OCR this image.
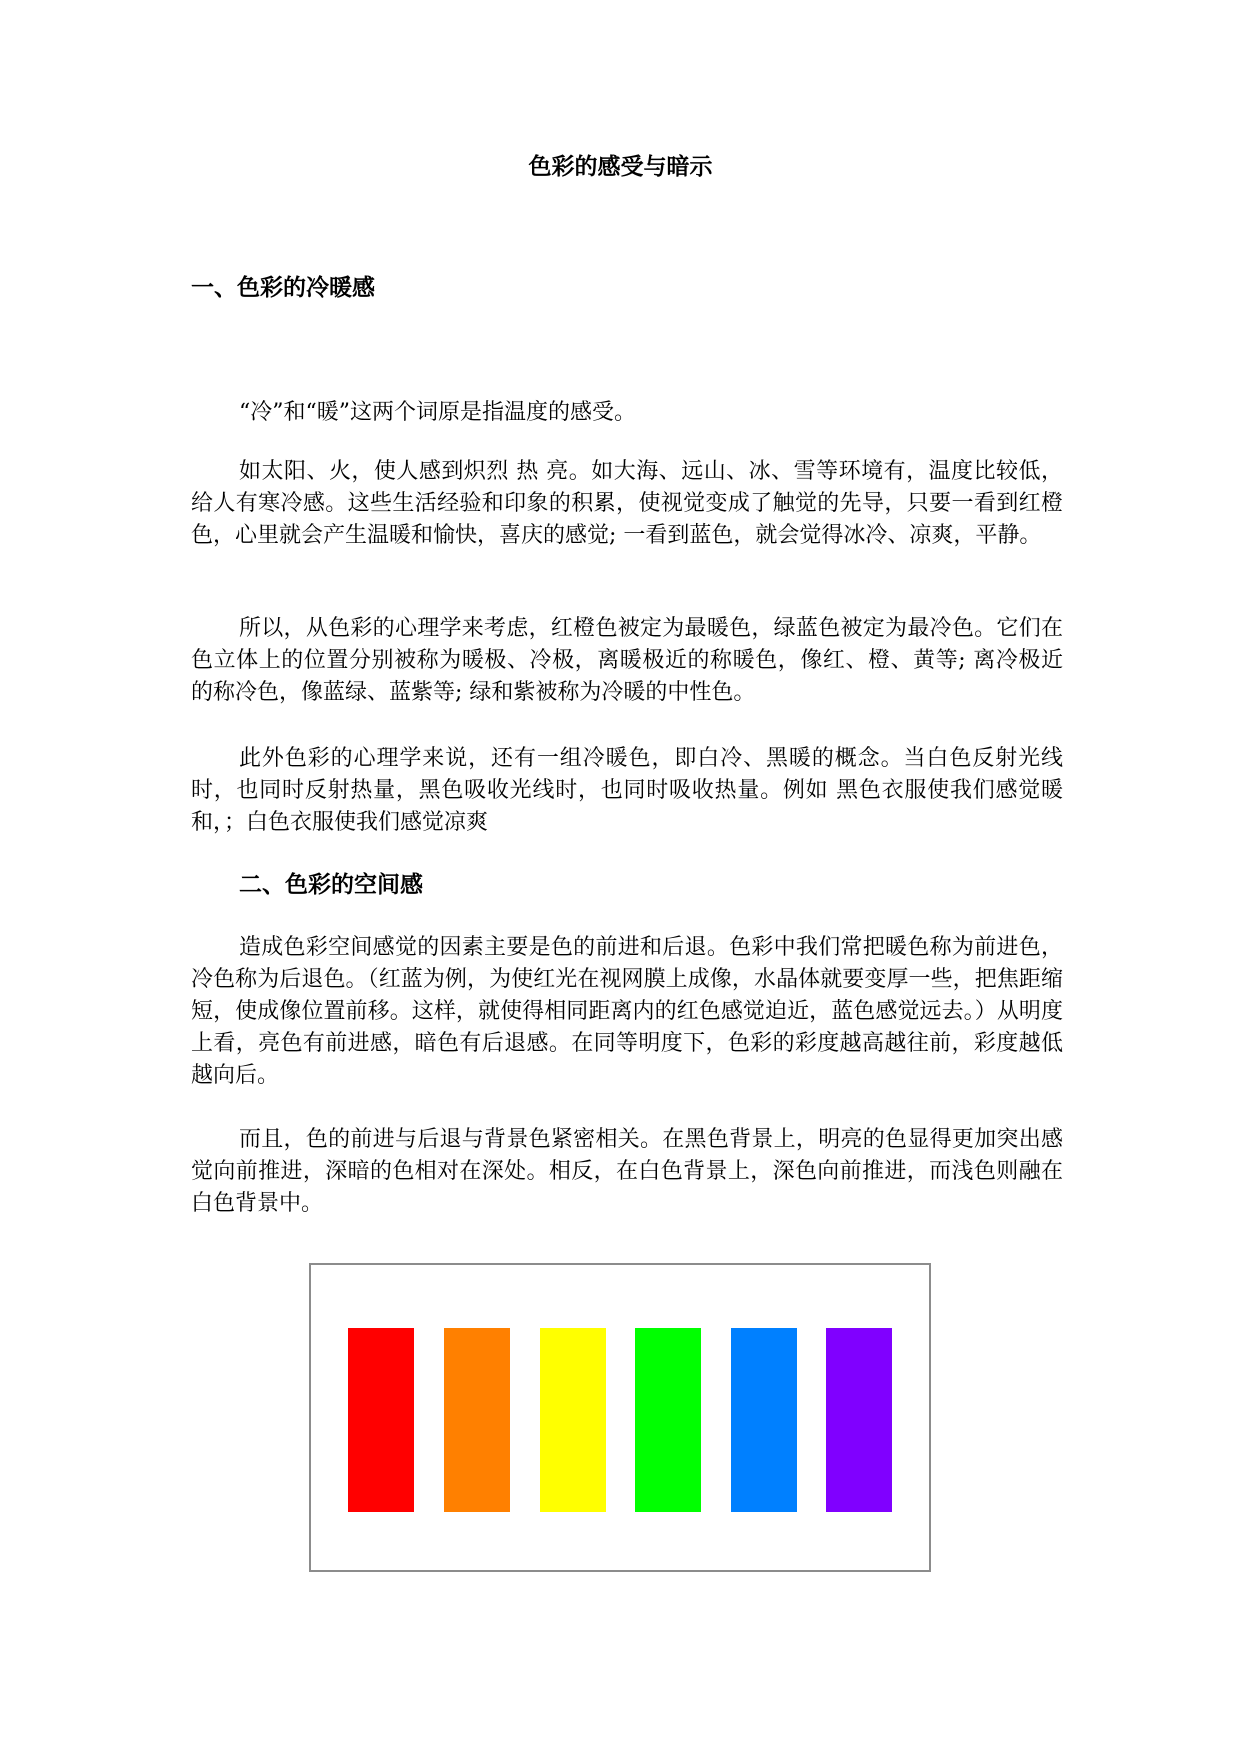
色彩的感受与暗示
一、色彩的冷暖感

“冷”和“暖”这两个词原是指温度的感受。

如太阳、火，使人感到炽烈 热 亮。如大海、远山、冰、雪等环境有，温度比较低，给人有寒冷感。这些生活经验和印象的积累，使视觉变成了触觉的先导，只要一看到红橙色，心里就会产生温暖和愉快，喜庆的感觉; 一看到蓝色，就会觉得冰冷、凉爽，平静。

所以，从色彩的心理学来考虑，红橙色被定为最暖色，绿蓝色被定为最冷色。它们在色立体上的位置分别被称为暖极、冷极，离暖极近的称暖色，像红、橙、黄等; 离冷极近的称冷色，像蓝绿、蓝紫等; 绿和紫被称为冷暖的中性色。

此外色彩的心理学来说，还有一组冷暖色，即白冷、黑暖的概念。当白色反射光线时，也同时反射热量，黑色吸收光线时，也同时吸收热量。例如 黑色衣服使我们感觉暖和，；白色衣服使我们感觉凉爽

二、色彩的空间感

造成色彩空间感觉的因素主要是色的前进和后退。色彩中我们常把暖色称为前进色，冷色称为后退色。（红蓝为例，为使红光在视网膜上成像，水晶体就要变厚一些，把焦距缩短，使成像位置前移。这样，就使得相同距离内的红色感觉迫近，蓝色感觉远去。）从明度上看，亮色有前进感，暗色有后退感。在同等明度下，色彩的彩度越高越往前，彩度越低越向后。

而且，色的前进与后退与背景色紧密相关。在黑色背景上，明亮的色显得更加突出感觉向前推进，深暗的色相对在深处。相反，在白色背景上，深色向前推进，而浅色则融在白色背景中。
